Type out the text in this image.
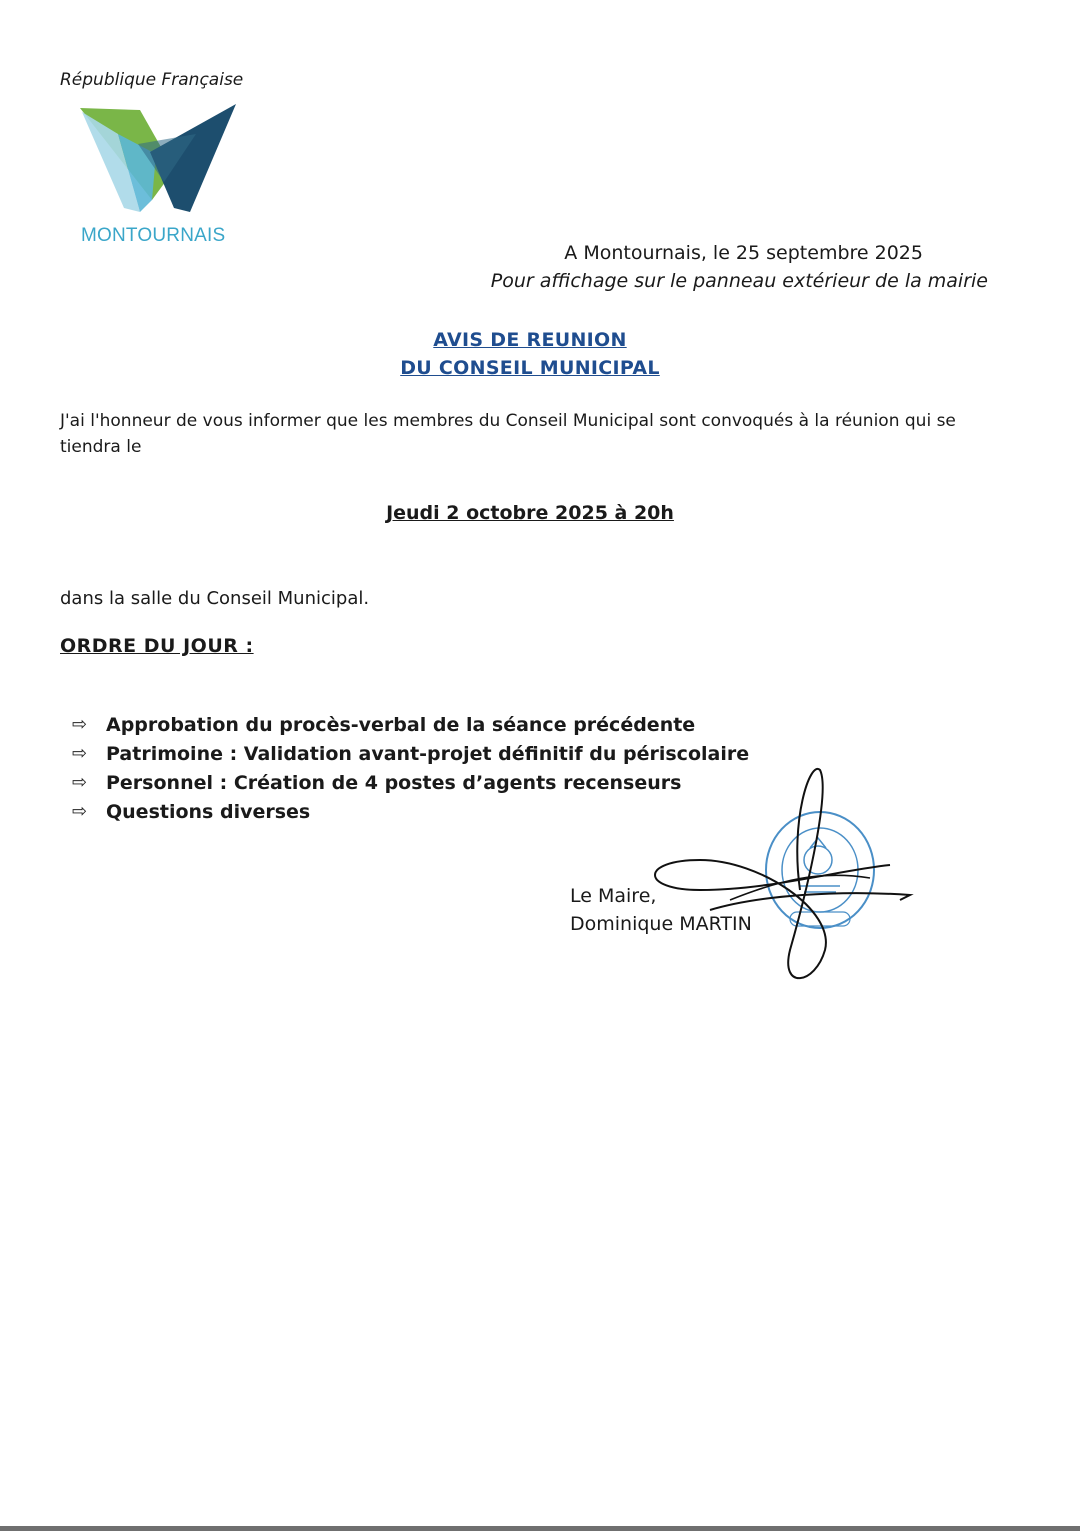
République Française
MONTOURNAIS
A Montournais, le 25 septembre 2025
Pour affichage sur le panneau extérieur de la mairie
AVIS DE REUNION
DU CONSEIL MUNICIPAL
J'ai l'honneur de vous informer que les membres du Conseil Municipal sont convoqués à la réunion qui se tiendra le
Jeudi 2 octobre 2025 à 20h
dans la salle du Conseil Municipal.
ORDRE DU JOUR :
⇨ Approbation du procès-verbal de la séance précédente
⇨ Patrimoine : Validation avant-projet définitif du périscolaire
⇨ Personnel : Création de 4 postes d’agents recenseurs
⇨ Questions diverses
Le Maire,
Dominique MARTIN
